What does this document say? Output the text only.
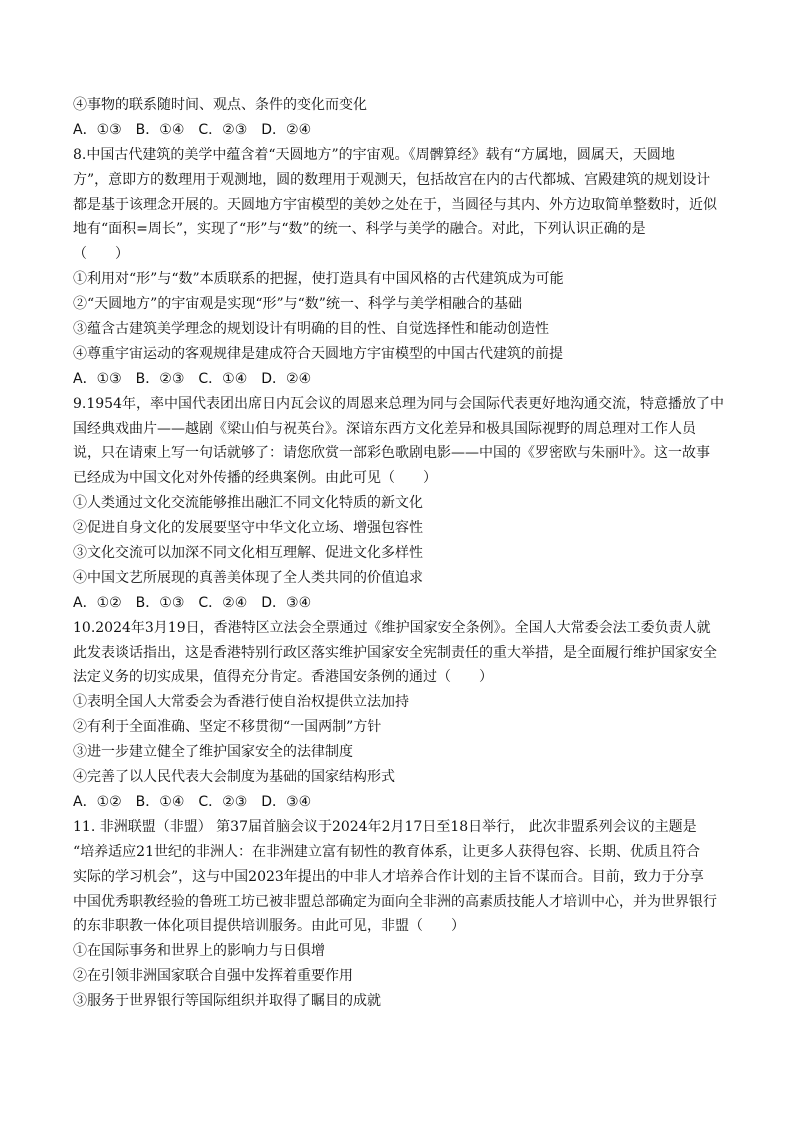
④事物的联系随时间、观点、条件的变化而变化
A．①③　B．①④　C．②③　D．②④
8.中国古代建筑的美学中蕴含着“天圆地方”的宇宙观。《周髀算经》载有“方属地，圆属天，天圆地
方”，意即方的数理用于观测地，圆的数理用于观测天，包括故宫在内的古代都城、宫殿建筑的规划设计
都是基于该理念开展的。天圆地方宇宙模型的美妙之处在于，当圆径与其内、外方边取简单整数时，近似
地有“面积=周长”，实现了“形”与“数”的统一、科学与美学的融合。对此，下列认识正确的是
（　　）
①利用对“形”与“数”本质联系的把握，使打造具有中国风格的古代建筑成为可能
②“天圆地方”的宇宙观是实现“形”与“数”统一、科学与美学相融合的基础
③蕴含古建筑美学理念的规划设计有明确的目的性、自觉选择性和能动创造性
④尊重宇宙运动的客观规律是建成符合天圆地方宇宙模型的中国古代建筑的前提
A．①③　B．②③　C．①④　D．②④
9.1954年，率中国代表团出席日内瓦会议的周恩来总理为同与会国际代表更好地沟通交流，特意播放了中
国经典戏曲片——越剧《梁山伯与祝英台》。深谙东西方文化差异和极具国际视野的周总理对工作人员
说，只在请柬上写一句话就够了：请您欣赏一部彩色歌剧电影——中国的《罗密欧与朱丽叶》。这一故事
已经成为中国文化对外传播的经典案例。由此可见（　　）
①人类通过文化交流能够推出融汇不同文化特质的新文化
②促进自身文化的发展要坚守中华文化立场、增强包容性
③文化交流可以加深不同文化相互理解、促进文化多样性
④中国文艺所展现的真善美体现了全人类共同的价值追求
A．①②　B．①③　C．②④　D．③④
10.2024年3月19日，香港特区立法会全票通过《维护国家安全条例》。全国人大常委会法工委负责人就
此发表谈话指出，这是香港特别行政区落实维护国家安全宪制责任的重大举措，是全面履行维护国家安全
法定义务的切实成果，值得充分肯定。香港国安条例的通过（　　）
①表明全国人大常委会为香港行使自治权提供立法加持
②有利于全面准确、坚定不移贯彻“一国两制”方针
③进一步建立健全了维护国家安全的法律制度
④完善了以人民代表大会制度为基础的国家结构形式
A．①②　B．①④　C．②③　D．③④
11. 非洲联盟（非盟） 第37届首脑会议于2024年2月17日至18日举行， 此次非盟系列会议的主题是
“培养适应21世纪的非洲人：在非洲建立富有韧性的教育体系，让更多人获得包容、长期、优质且符合
实际的学习机会”，这与中国2023年提出的中非人才培养合作计划的主旨不谋而合。目前，致力于分享
中国优秀职教经验的鲁班工坊已被非盟总部确定为面向全非洲的高素质技能人才培训中心，并为世界银行
的东非职教一体化项目提供培训服务。由此可见，非盟（　　）
①在国际事务和世界上的影响力与日俱增
②在引领非洲国家联合自强中发挥着重要作用
③服务于世界银行等国际组织并取得了瞩目的成就
